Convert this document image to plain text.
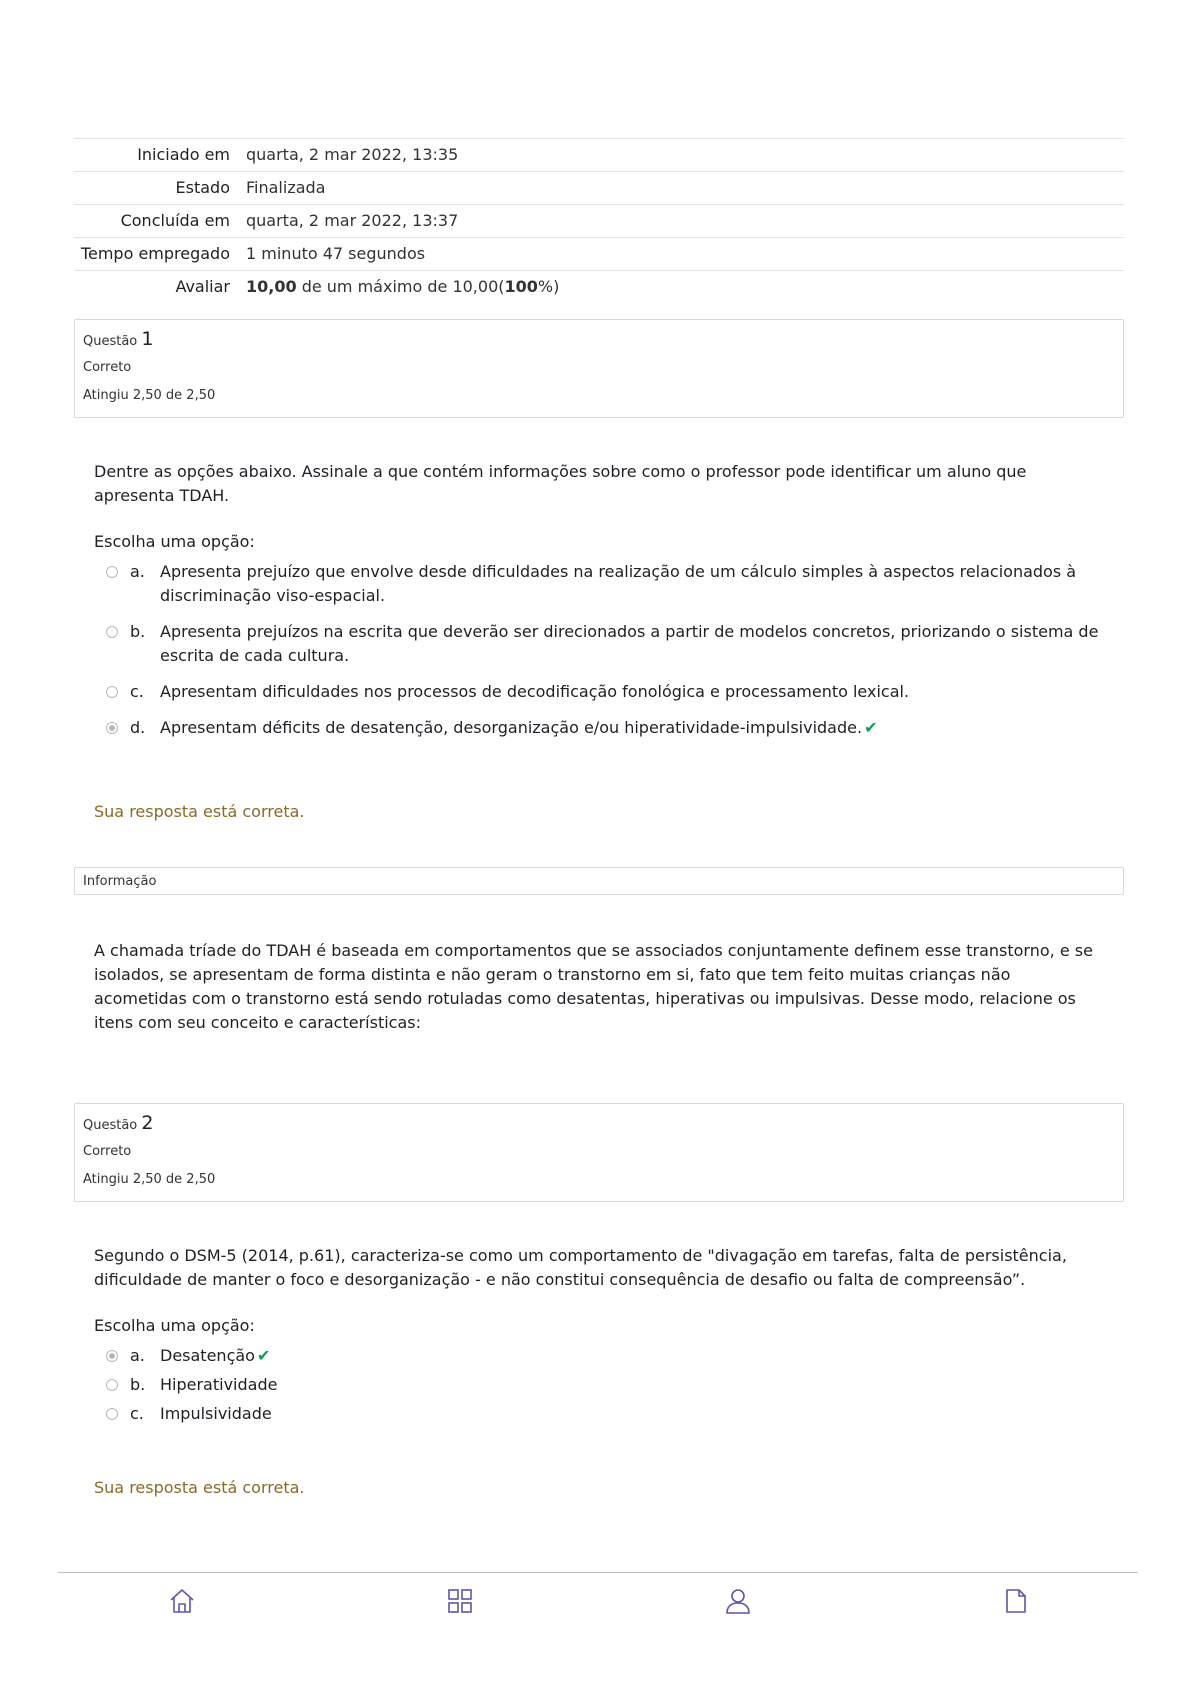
Iniciado em	quarta, 2 mar 2022, 13:35
Estado	Finalizada
Concluída em	quarta, 2 mar 2022, 13:37
Tempo empregado	1 minuto 47 segundos
Avaliar	10,00 de um máximo de 10,00(100%)
Questão 1
Correto
Atingiu 2,50 de 2,50
Dentre as opções abaixo. Assinale a que contém informações sobre como o professor pode identificar um aluno que apresenta TDAH.
Escolha uma opção:
a. Apresenta prejuízo que envolve desde dificuldades na realização de um cálculo simples à aspectos relacionados à discriminação viso-espacial.
b. Apresenta prejuízos na escrita que deverão ser direcionados a partir de modelos concretos, priorizando o sistema de escrita de cada cultura.
c.	Apresentam dificuldades nos processos de decodificação fonológica e processamento lexical.
d. Apresentam déficits de desatenção, desorganização e/ou hiperatividade-impulsividade. ✔
Sua resposta está correta.
Informação
A chamada tríade do TDAH é baseada em comportamentos que se associados conjuntamente definem esse transtorno, e se isolados, se apresentam de forma distinta e não geram o transtorno em si, fato que tem feito muitas crianças não acometidas com o transtorno está sendo rotuladas como desatentas, hiperativas ou impulsivas. Desse modo, relacione os itens com seu conceito e características:
Questão 2
Correto
Atingiu 2,50 de 2,50
Segundo o DSM-5 (2014, p.61), caracteriza-se como um comportamento de "divagação em tarefas, falta de persistência, dificuldade de manter o foco e desorganização - e não constitui consequência de desafio ou falta de compreensão”.
Escolha uma opção:
a. Desatenção ✔
b. Hiperatividade
c.	Impulsividade
Sua resposta está correta.
